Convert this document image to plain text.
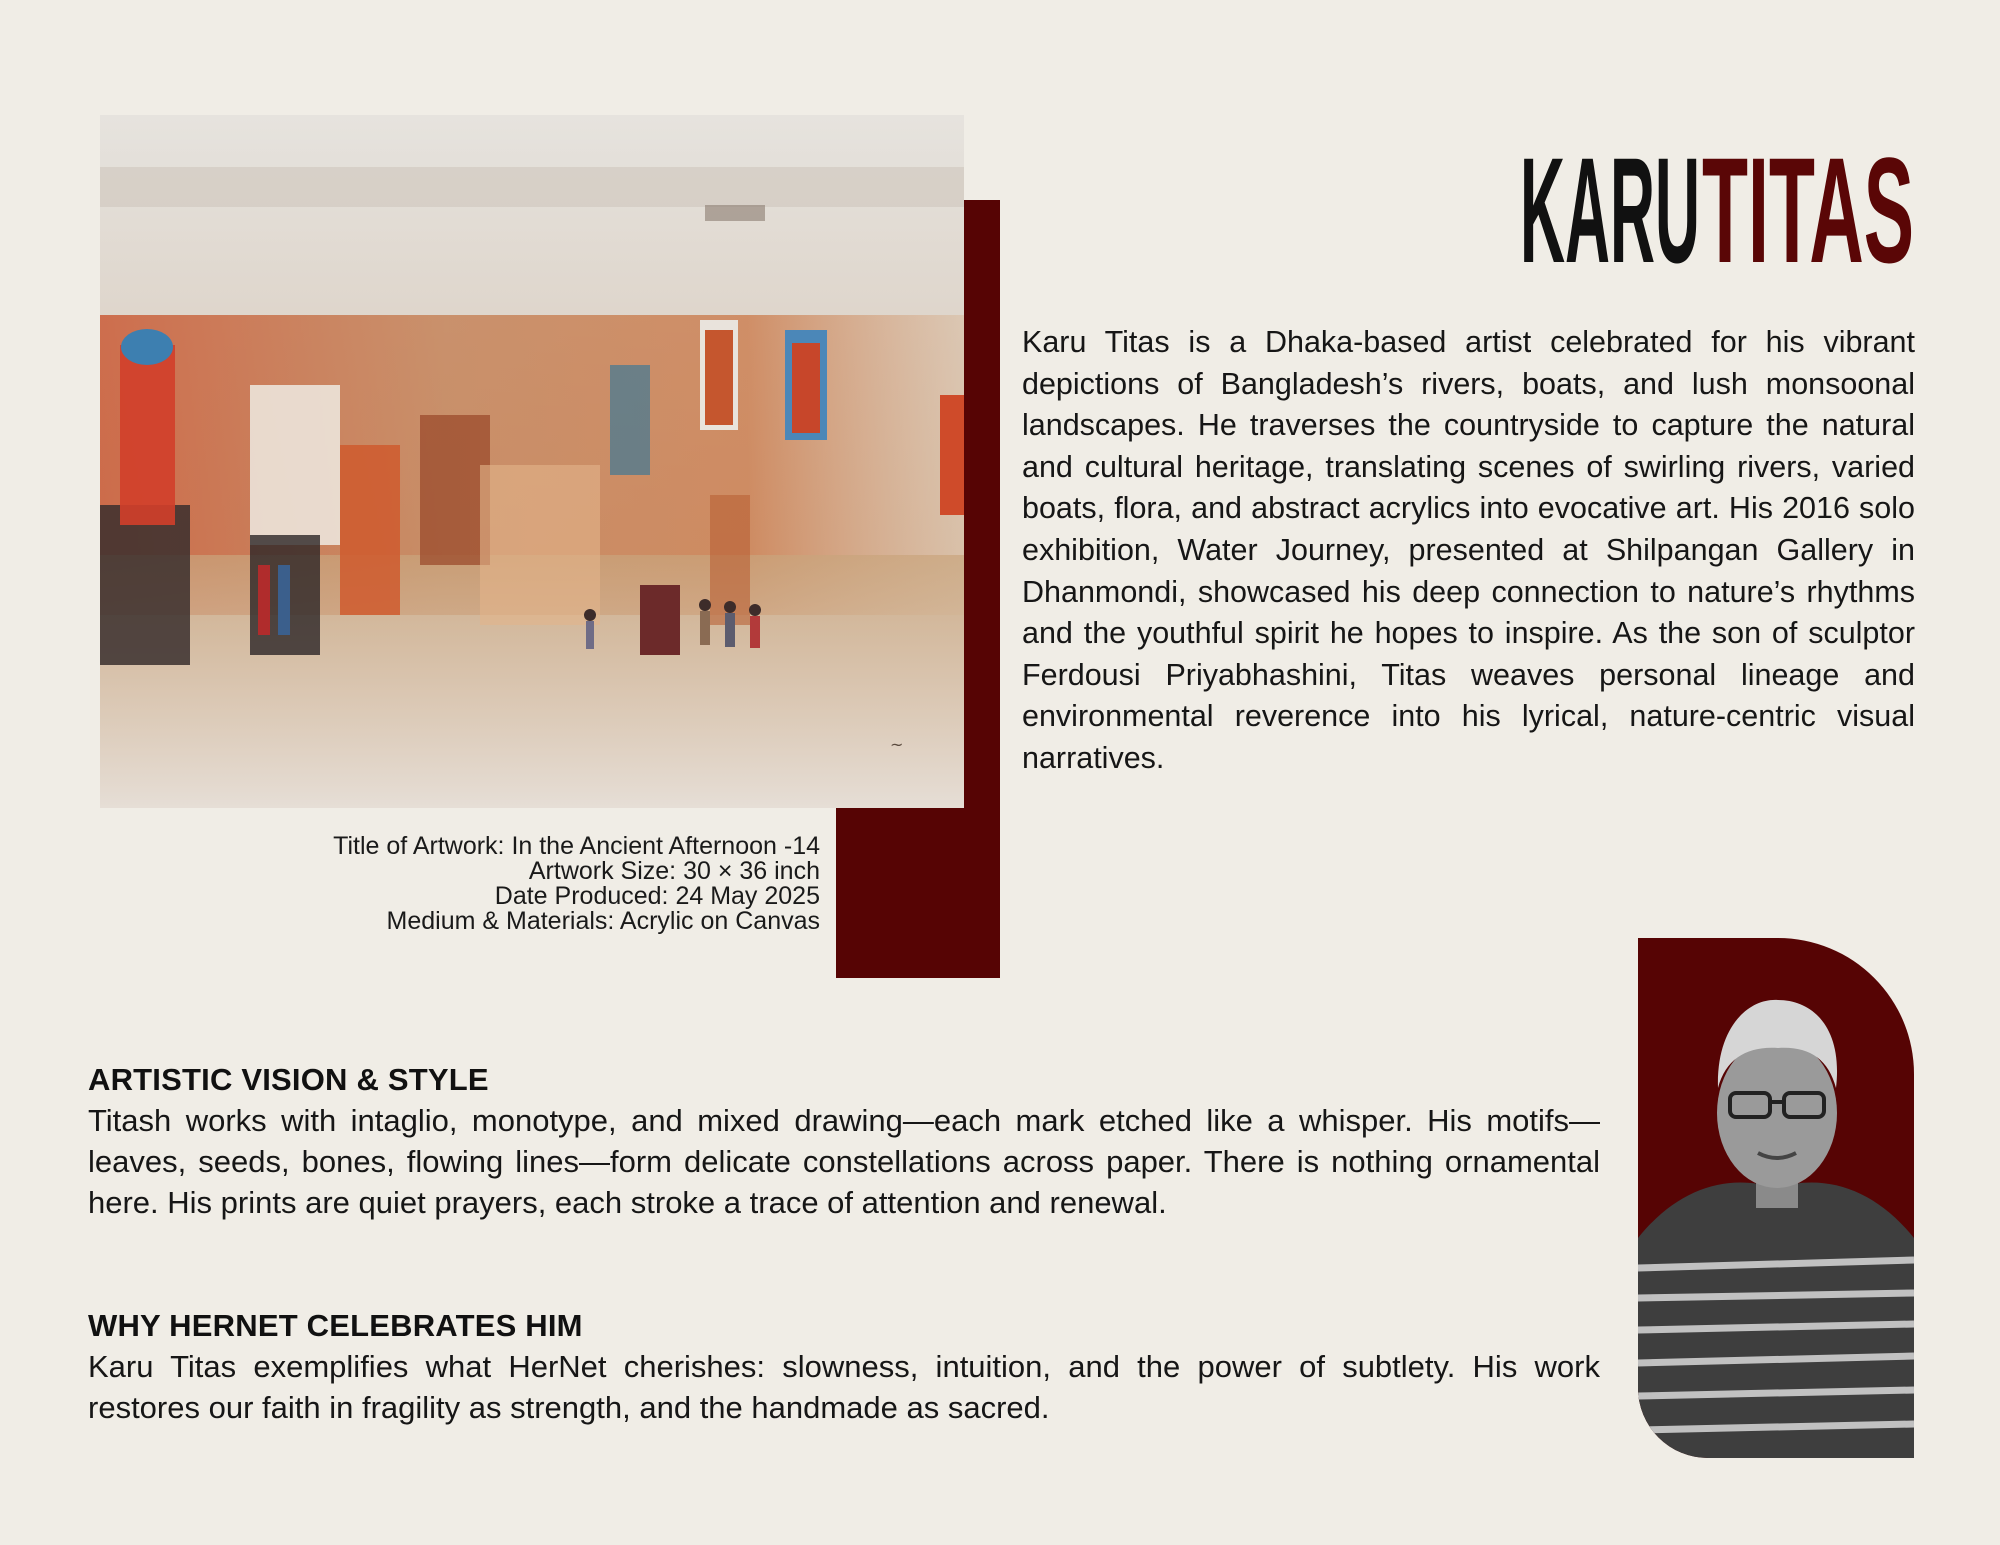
~
Title of Artwork: In the Ancient Afternoon -14
Artwork Size: 30 × 36 inch
Date Produced: 24 May 2025
Medium & Materials: Acrylic on Canvas
KARU TITAS

Karu Titas is a Dhaka-based artist celebrated for his vibrant depictions of Bangladesh’s rivers, boats, and lush monsoonal landscapes. He traverses the countryside to capture the natural and cultural heritage, translating scenes of swirling rivers, varied boats, flora, and abstract acrylics into evocative art. His 2016 solo exhibition, Water Journey, presented at Shilpangan Gallery in Dhanmondi, showcased his deep connection to nature’s rhythms and the youthful spirit he hopes to inspire. As the son of sculptor Ferdousi Priyabhashini, Titas weaves personal lineage and environmental reverence into his lyrical, nature-centric visual narratives.

ARTISTIC VISION & STYLE

Titash works with intaglio, monotype, and mixed drawing—each mark etched like a whisper. His motifs—leaves, seeds, bones, flowing lines—form delicate constellations across paper. There is nothing ornamental here. His prints are quiet prayers, each stroke a trace of attention and renewal.

WHY HERNET CELEBRATES HIM

Karu Titas exemplifies what HerNet cherishes: slowness, intuition, and the power of subtlety. His work restores our faith in fragility as strength, and the handmade as sacred.
